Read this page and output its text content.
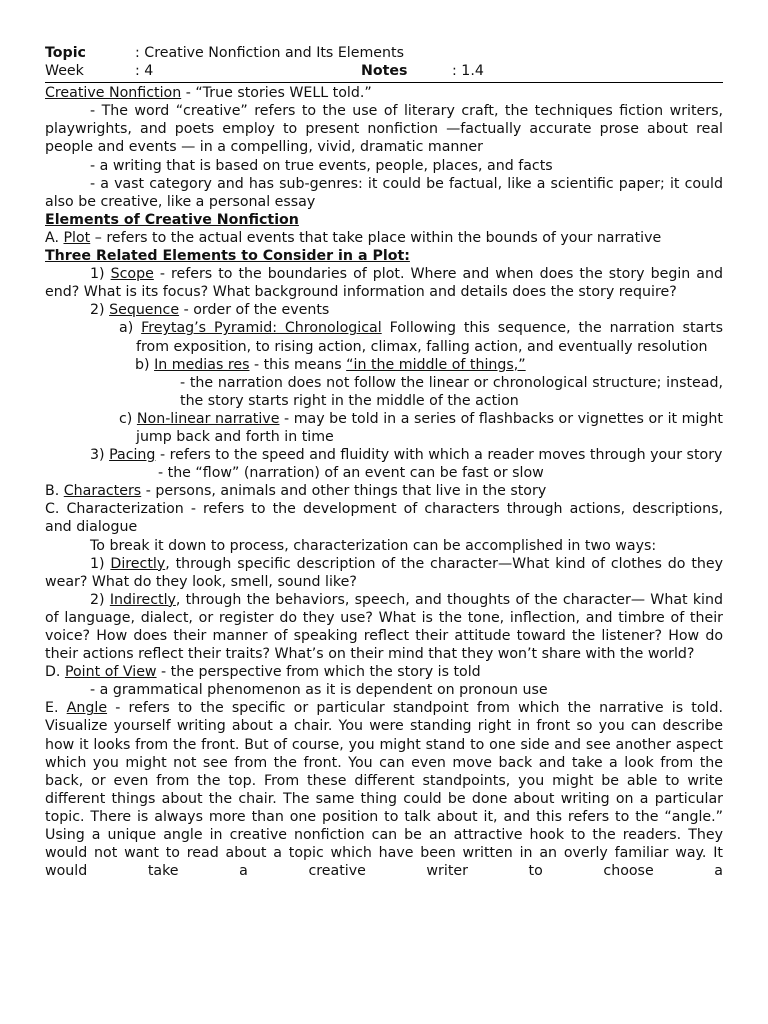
Topic	: Creative Nonfiction and Its Elements
Week	: 4	Notes	: 1.4

Creative Nonfiction - “True stories WELL told.”

- The word “creative” refers to the use of literary craft, the techniques fiction writers, playwrights, and poets employ to present nonfiction —factually accurate prose about real people and events — in a compelling, vivid, dramatic manner

- a writing that is based on true events, people, places, and facts

- a vast category and has sub-genres: it could be factual, like a scientific paper; it could also be creative, like a personal essay

Elements of Creative Nonfiction

A. Plot – refers to the actual events that take place within the bounds of your narrative

Three Related Elements to Consider in a Plot:

1) Scope - refers to the boundaries of plot. Where and when does the story begin and end? What is its focus? What background information and details does the story require?

2) Sequence - order of the events

a) Freytag’s Pyramid: Chronological Following this sequence, the narration starts from exposition, to rising action, climax, falling action, and eventually resolution

b) In medias res - this means “in the middle of things,”

- the narration does not follow the linear or chronological structure; instead, the story starts right in the middle of the action

c) Non-linear narrative - may be told in a series of flashbacks or vignettes or it might jump back and forth in time

3) Pacing - refers to the speed and fluidity with which a reader moves through your story

- the “flow” (narration) of an event can be fast or slow

B. Characters - persons, animals and other things that live in the story

C. Characterization - refers to the development of characters through actions, descriptions, and dialogue

To break it down to process, characterization can be accomplished in two ways:

1) Directly, through specific description of the character—What kind of clothes do they wear? What do they look, smell, sound like?

2) Indirectly, through the behaviors, speech, and thoughts of the character— What kind of language, dialect, or register do they use? What is the tone, inflection, and timbre of their voice? How does their manner of speaking reflect their attitude toward the listener? How do their actions reflect their traits? What’s on their mind that they won’t share with the world?

D. Point of View - the perspective from which the story is told

- a grammatical phenomenon as it is dependent on pronoun use

E. Angle - refers to the specific or particular standpoint from which the narrative is told. Visualize yourself writing about a chair. You were standing right in front so you can describe how it looks from the front. But of course, you might stand to one side and see another aspect which you might not see from the front. You can even move back and take a look from the back, or even from the top. From these different standpoints, you might be able to write different things about the chair. The same thing could be done about writing on a particular topic. There is always more than one position to talk about it, and this refers to the “angle.” Using a unique angle in creative nonfiction can be an attractive hook to the readers. They would not want to read about a topic which have been written in an overly familiar way. It would take a creative writer to choose a
